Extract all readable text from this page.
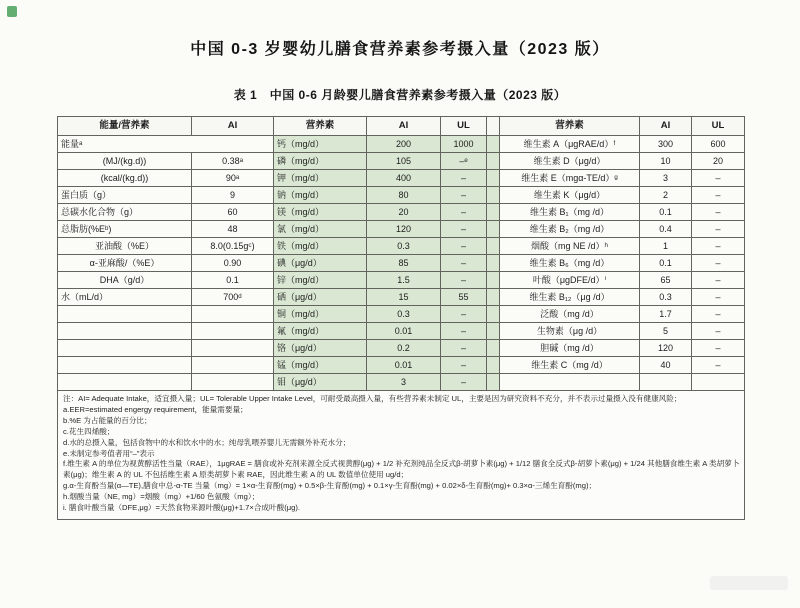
中国 0-3 岁婴幼儿膳食营养素参考摄入量（2023 版）
表 1　中国 0-6 月龄婴儿膳食营养素参考摄入量（2023 版）
能量/营养素	AI	营养素	AI	UL		营养素	AI	UL
能量ᵃ		钙（mg/d）	200	1000		维生素 A（μgRAE/d）ᶠ	300	600
(MJ/(kg.d))	0.38ᵃ	磷（mg/d）	105	–ᵉ		维生素 D（μg/d）	10	20
(kcal/(kg.d))	90ᵃ	钾（mg/d）	400	–		维生素 E（mgα-TE/d）ᵍ	3	–
蛋白质（g）	9	钠（mg/d）	80	–		维生素 K（μg/d）	2	–
总碳水化合物（g）	60	镁（mg/d）	20	–		维生素 B₁（mg /d）	0.1	–
总脂肪(%Eᵇ)	48	氯（mg/d）	120	–		维生素 B₂（mg /d）	0.4	–
亚油酸（%E）	8.0(0.15gᶜ)	铁（mg/d）	0.3	–		烟酸（mg NE /d）ʰ	1	–
α-亚麻酸/（%E）	0.90	碘（μg/d）	85	–		维生素 B₆（mg /d）	0.1	–
DHA（g/d）	0.1	锌（mg/d）	1.5	–		叶酸（μgDFE/d）ⁱ	65	–
水（mL/d）	700ᵈ	硒（μg/d）	15	55		维生素 B₁₂（μg /d）	0.3	–
		铜（mg/d）	0.3	–		泛酸（mg /d）	1.7	–
		氟（mg/d）	0.01	–		生物素（μg /d）	5	–
		铬（μg/d）	0.2	–		胆碱（mg /d）	120	–
		锰（mg/d）	0.01	–		维生素 C（mg /d）	40	–
		钼（μg/d）	3	–				
注：AI= Adequate Intake，适宜摄入量；UL= Tolerable Upper Intake Level，可耐受最高摄入量，有些营养素未制定 UL，主要是因为研究资料不充分，并不表示过量摄入没有健康风险；
a.EER=estimated engergy requirement，能量需要量；
b.%E 为占能量的百分比；
c.花生四烯酸；
d.水的总摄入量，包括食物中的水和饮水中的水；纯母乳喂养婴儿无需额外补充水分；
e.未制定参考值者用“–”表示
f.维生素 A 的单位为视黄醇活性当量（RAE），1μgRAE = 膳食或补充剂来源全反式视黄醇(μg) + 1/2 补充剂纯品全反式β-胡萝卜素(μg) + 1/12 膳食全反式β-胡萝卜素(μg) + 1/24 其他膳食维生素 A 类胡萝卜素(μg)；维生素 A 的 UL 不包括维生素 A 原类胡萝卜素 RAE，因此维生素 A 的 UL 数值单位使用 ug/d；
g.α-生育酚当量(α—TE),膳食中总-α-TE 当量（mg）= 1×α-生育酚(mg) + 0.5×β-生育酚(mg) + 0.1×γ-生育酚(mg) + 0.02×δ-生育酚(mg)+ 0.3×α-三烯生育酚(mg)；
h.烟酸当量（NE, mg）=烟酸（mg）+1/60 色氨酸（mg）；
i. 膳食叶酸当量（DFE,μg）=天然食物来源叶酸(μg)+1.7×合成叶酸(μg).
